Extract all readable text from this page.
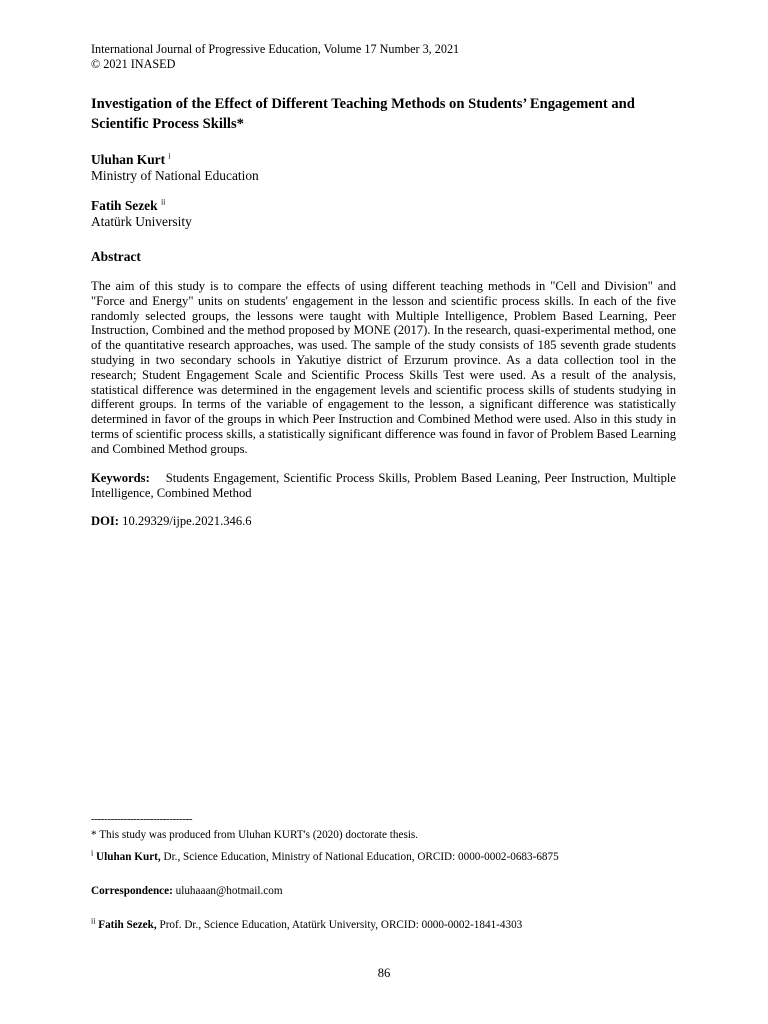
International Journal of Progressive Education, Volume 17 Number 3, 2021
© 2021 INASED
Investigation of the Effect of Different Teaching Methods on Students’ Engagement and
Scientific Process Skills*
Uluhan Kurt $^i$
Ministry of National Education
Fatih Sezek $^{ii}$
Atatürk University
Abstract
The aim of this study is to compare the effects of using different teaching methods in "Cell and Division" and "Force and Energy" units on students' engagement in the lesson and scientific process skills. In each of the five randomly selected groups, the lessons were taught with Multiple Intelligence, Problem Based Learning, Peer Instruction, Combined and the method proposed by MONE (2017). In the research, quasi-experimental method, one of the quantitative research approaches, was used. The sample of the study consists of 185 seventh grade students studying in two secondary schools in Yakutiye district of Erzurum province. As a data collection tool in the research; Student Engagement Scale and Scientific Process Skills Test were used. As a result of the analysis, statistical difference was determined in the engagement levels and scientific process skills of students studying in different groups. In terms of the variable of engagement to the lesson, a significant difference was statistically determined in favor of the groups in which Peer Instruction and Combined Method were used. Also in this study in terms of scientific process skills, a statistically significant difference was found in favor of Problem Based Learning and Combined Method groups.
Keywords: Students Engagement, Scientific Process Skills, Problem Based Leaning, Peer Instruction, Multiple Intelligence, Combined Method
DOI: 10.29329/ijpe.2021.346.6
-------------------------------
* This study was produced from Uluhan KURT's (2020) doctorate thesis.
$^i$ Uluhan Kurt, Dr., Science Education, Ministry of National Education, ORCID: 0000-0002-0683-6875
Correspondence: uluhaaan@hotmail.com
$^{ii}$ Fatih Sezek, Prof. Dr., Science Education, Atatürk University, ORCID: 0000-0002-1841-4303
86
